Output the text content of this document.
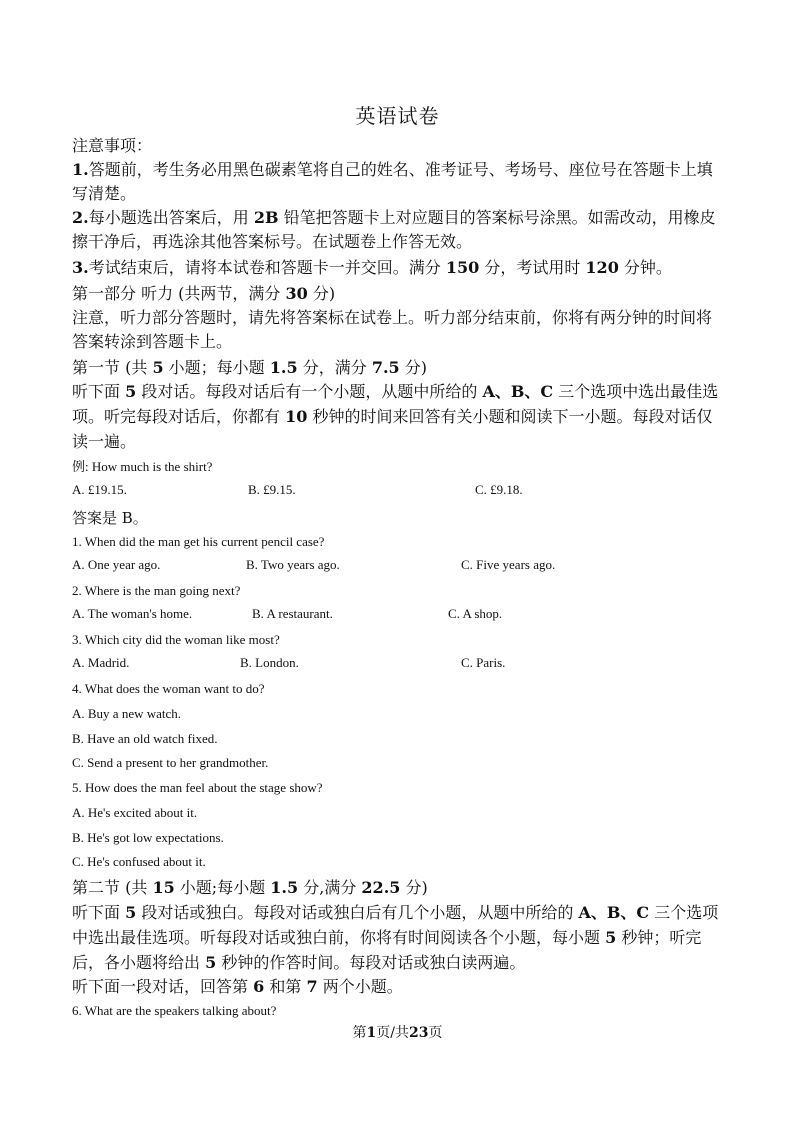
英语试卷
注意事项：
1.答题前，考生务必用黑色碳素笔将自己的姓名、准考证号、考场号、座位号在答题卡上填
写清楚。
2.每小题选出答案后，用 2B 铅笔把答题卡上对应题目的答案标号涂黑。如需改动，用橡皮
擦干净后，再选涂其他答案标号。在试题卷上作答无效。
3.考试结束后，请将本试卷和答题卡一并交回。满分 150 分，考试用时 120 分钟。
第一部分 听力 (共两节，满分 30 分)
注意，听力部分答题时，请先将答案标在试卷上。听力部分结束前，你将有两分钟的时间将
答案转涂到答题卡上。
第一节 (共 5 小题；每小题 1.5 分，满分 7.5 分)
听下面 5 段对话。每段对话后有一个小题，从题中所给的 A、B、C 三个选项中选出最佳选
项。听完每段对话后，你都有 10 秒钟的时间来回答有关小题和阅读下一小题。每段对话仅
读一遍。
例: How much is the shirt?
A. £19.15.	B. £9.15.	C. £9.18.
答案是 B。
1. When did the man get his current pencil case?
A. One year ago.	B. Two years ago.	C. Five years ago.
2. Where is the man going next?
A. The woman's home.	B. A restaurant.	C. A shop.
3. Which city did the woman like most?
A. Madrid.	B. London.	C. Paris.
4. What does the woman want to do?
A. Buy a new watch.
B. Have an old watch fixed.
C. Send a present to her grandmother.
5. How does the man feel about the stage show?
A. He's excited about it.
B. He's got low expectations.
C. He's confused about it.
第二节 (共 15 小题;每小题 1.5 分,满分 22.5 分)
听下面 5 段对话或独白。每段对话或独白后有几个小题，从题中所给的 A、B、C 三个选项
中选出最佳选项。听每段对话或独白前，你将有时间阅读各个小题，每小题 5 秒钟；听完
后，各小题将给出 5 秒钟的作答时间。每段对话或独白读两遍。
听下面一段对话，回答第 6 和第 7 两个小题。
6. What are the speakers talking about?
第1页/共23页
